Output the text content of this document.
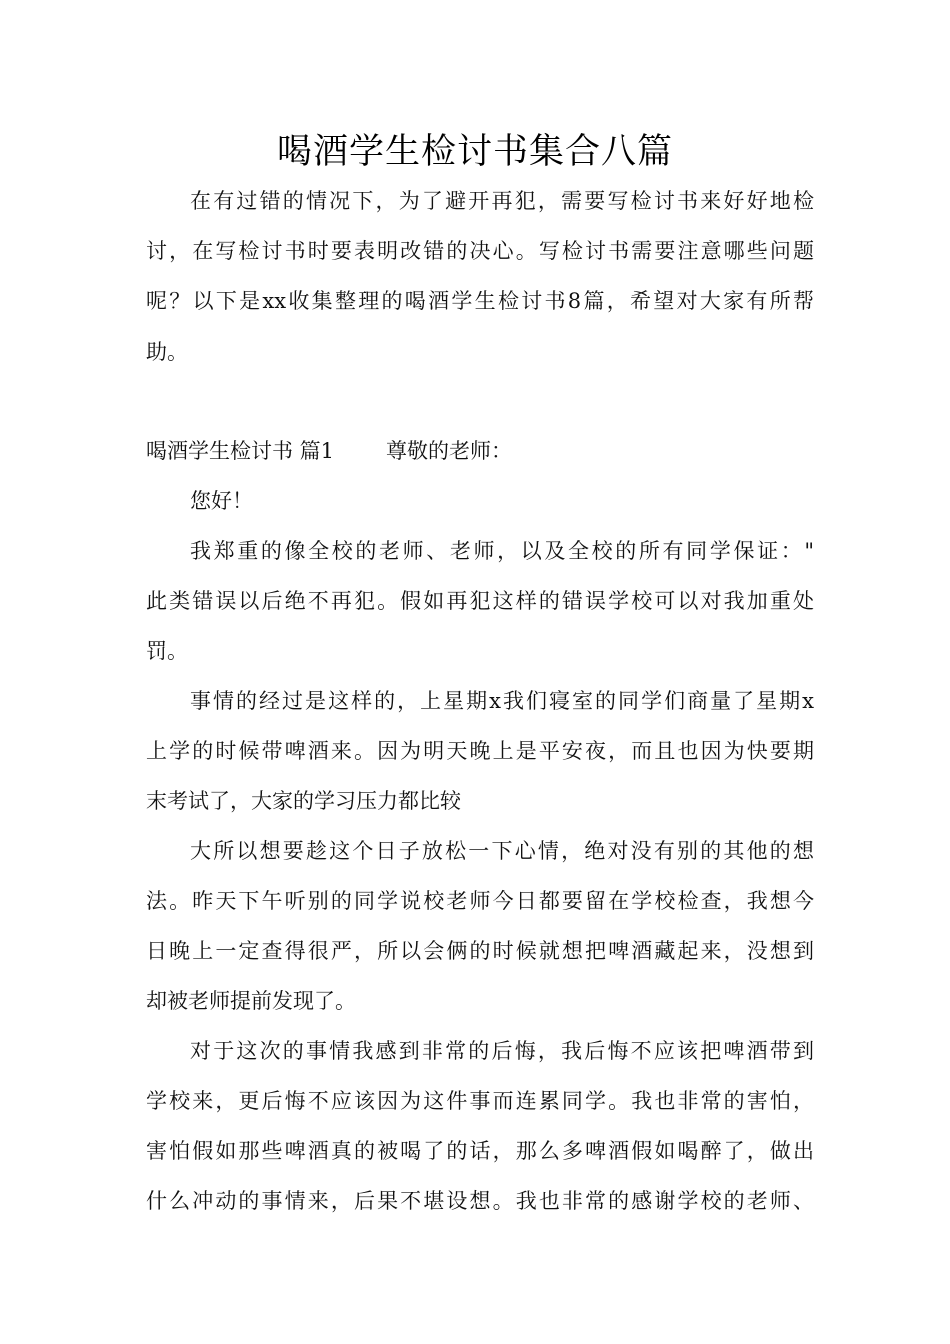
喝酒学生检讨书集合八篇
在有过错的情况下，为了避开再犯，需要写检讨书来好好地检
讨，在写检讨书时要表明改错的决心。写检讨书需要注意哪些问题
呢？以下是xx收集整理的喝酒学生检讨书8篇，希望对大家有所帮
助。
喝酒学生检讨书 篇1 尊敬的老师：
您好！
我郑重的像全校的老师、老师，以及全校的所有同学保证："
此类错误以后绝不再犯。假如再犯这样的错误学校可以对我加重处
罚。
事情的经过是这样的，上星期x我们寝室的同学们商量了星期x
上学的时候带啤酒来。因为明天晚上是平安夜，而且也因为快要期
末考试了，大家的学习压力都比较
大所以想要趁这个日子放松一下心情，绝对没有别的其他的想
法。昨天下午听别的同学说校老师今日都要留在学校检查，我想今
日晚上一定查得很严，所以会俩的时候就想把啤酒藏起来，没想到
却被老师提前发现了。
对于这次的事情我感到非常的后悔，我后悔不应该把啤酒带到
学校来，更后悔不应该因为这件事而连累同学。我也非常的害怕，
害怕假如那些啤酒真的被喝了的话，那么多啤酒假如喝醉了，做出
什么冲动的事情来，后果不堪设想。我也非常的感谢学校的老师、
